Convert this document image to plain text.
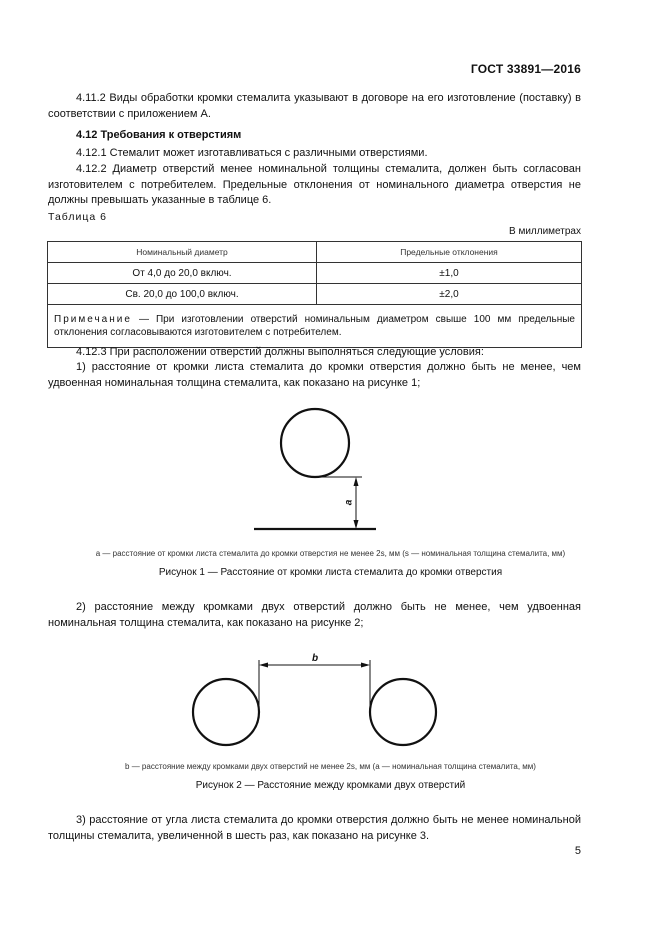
ГОСТ 33891—2016

4.11.2 Виды обработки кромки стемалита указывают в договоре на его изготовление (поставку) в соответствии с приложением А.

4.12 Требования к отверстиям

4.12.1 Стемалит может изготавливаться с различными отверстиями.

4.12.2 Диаметр отверстий менее номинальной толщины стемалита, должен быть согласован изготовителем с потребителем. Предельные отклонения от номинального диаметра отверстия не должны превышать указанные в таблице 6.

Таблица 6
В миллиметрах
Номинальный диаметр	Предельные отклонения
От 4,0 до 20,0 включ.	±1,0
Св. 20,0 до 100,0 включ.	±2,0
Примечание — При изготовлении отверстий номинальным диаметром свыше 100 мм предельные отклонения согласовываются изготовителем с потребителем.	

4.12.3 При расположении отверстий должны выполняться следующие условия:

1) расстояние от кромки листа стемалита до кромки отверстия должно быть не менее, чем удвоенная номинальная толщина стемалита, как показано на рисунке 1;

a
a — расстояние от кромки листа стемалита до кромки отверстия не менее 2s, мм (s — номинальная толщина стемалита, мм)
Рисунок 1 — Расстояние от кромки листа стемалита до кромки отверстия

2) расстояние между кромками двух отверстий должно быть не менее, чем удвоенная номинальная толщина стемалита, как показано на рисунке 2;

b
b — расстояние между кромками двух отверстий не менее 2s, мм (a — номинальная толщина стемалита, мм)
Рисунок 2 — Расстояние между кромками двух отверстий

3) расстояние от угла листа стемалита до кромки отверстия должно быть не менее номинальной толщины стемалита, увеличенной в шесть раз, как показано на рисунке 3.

5
